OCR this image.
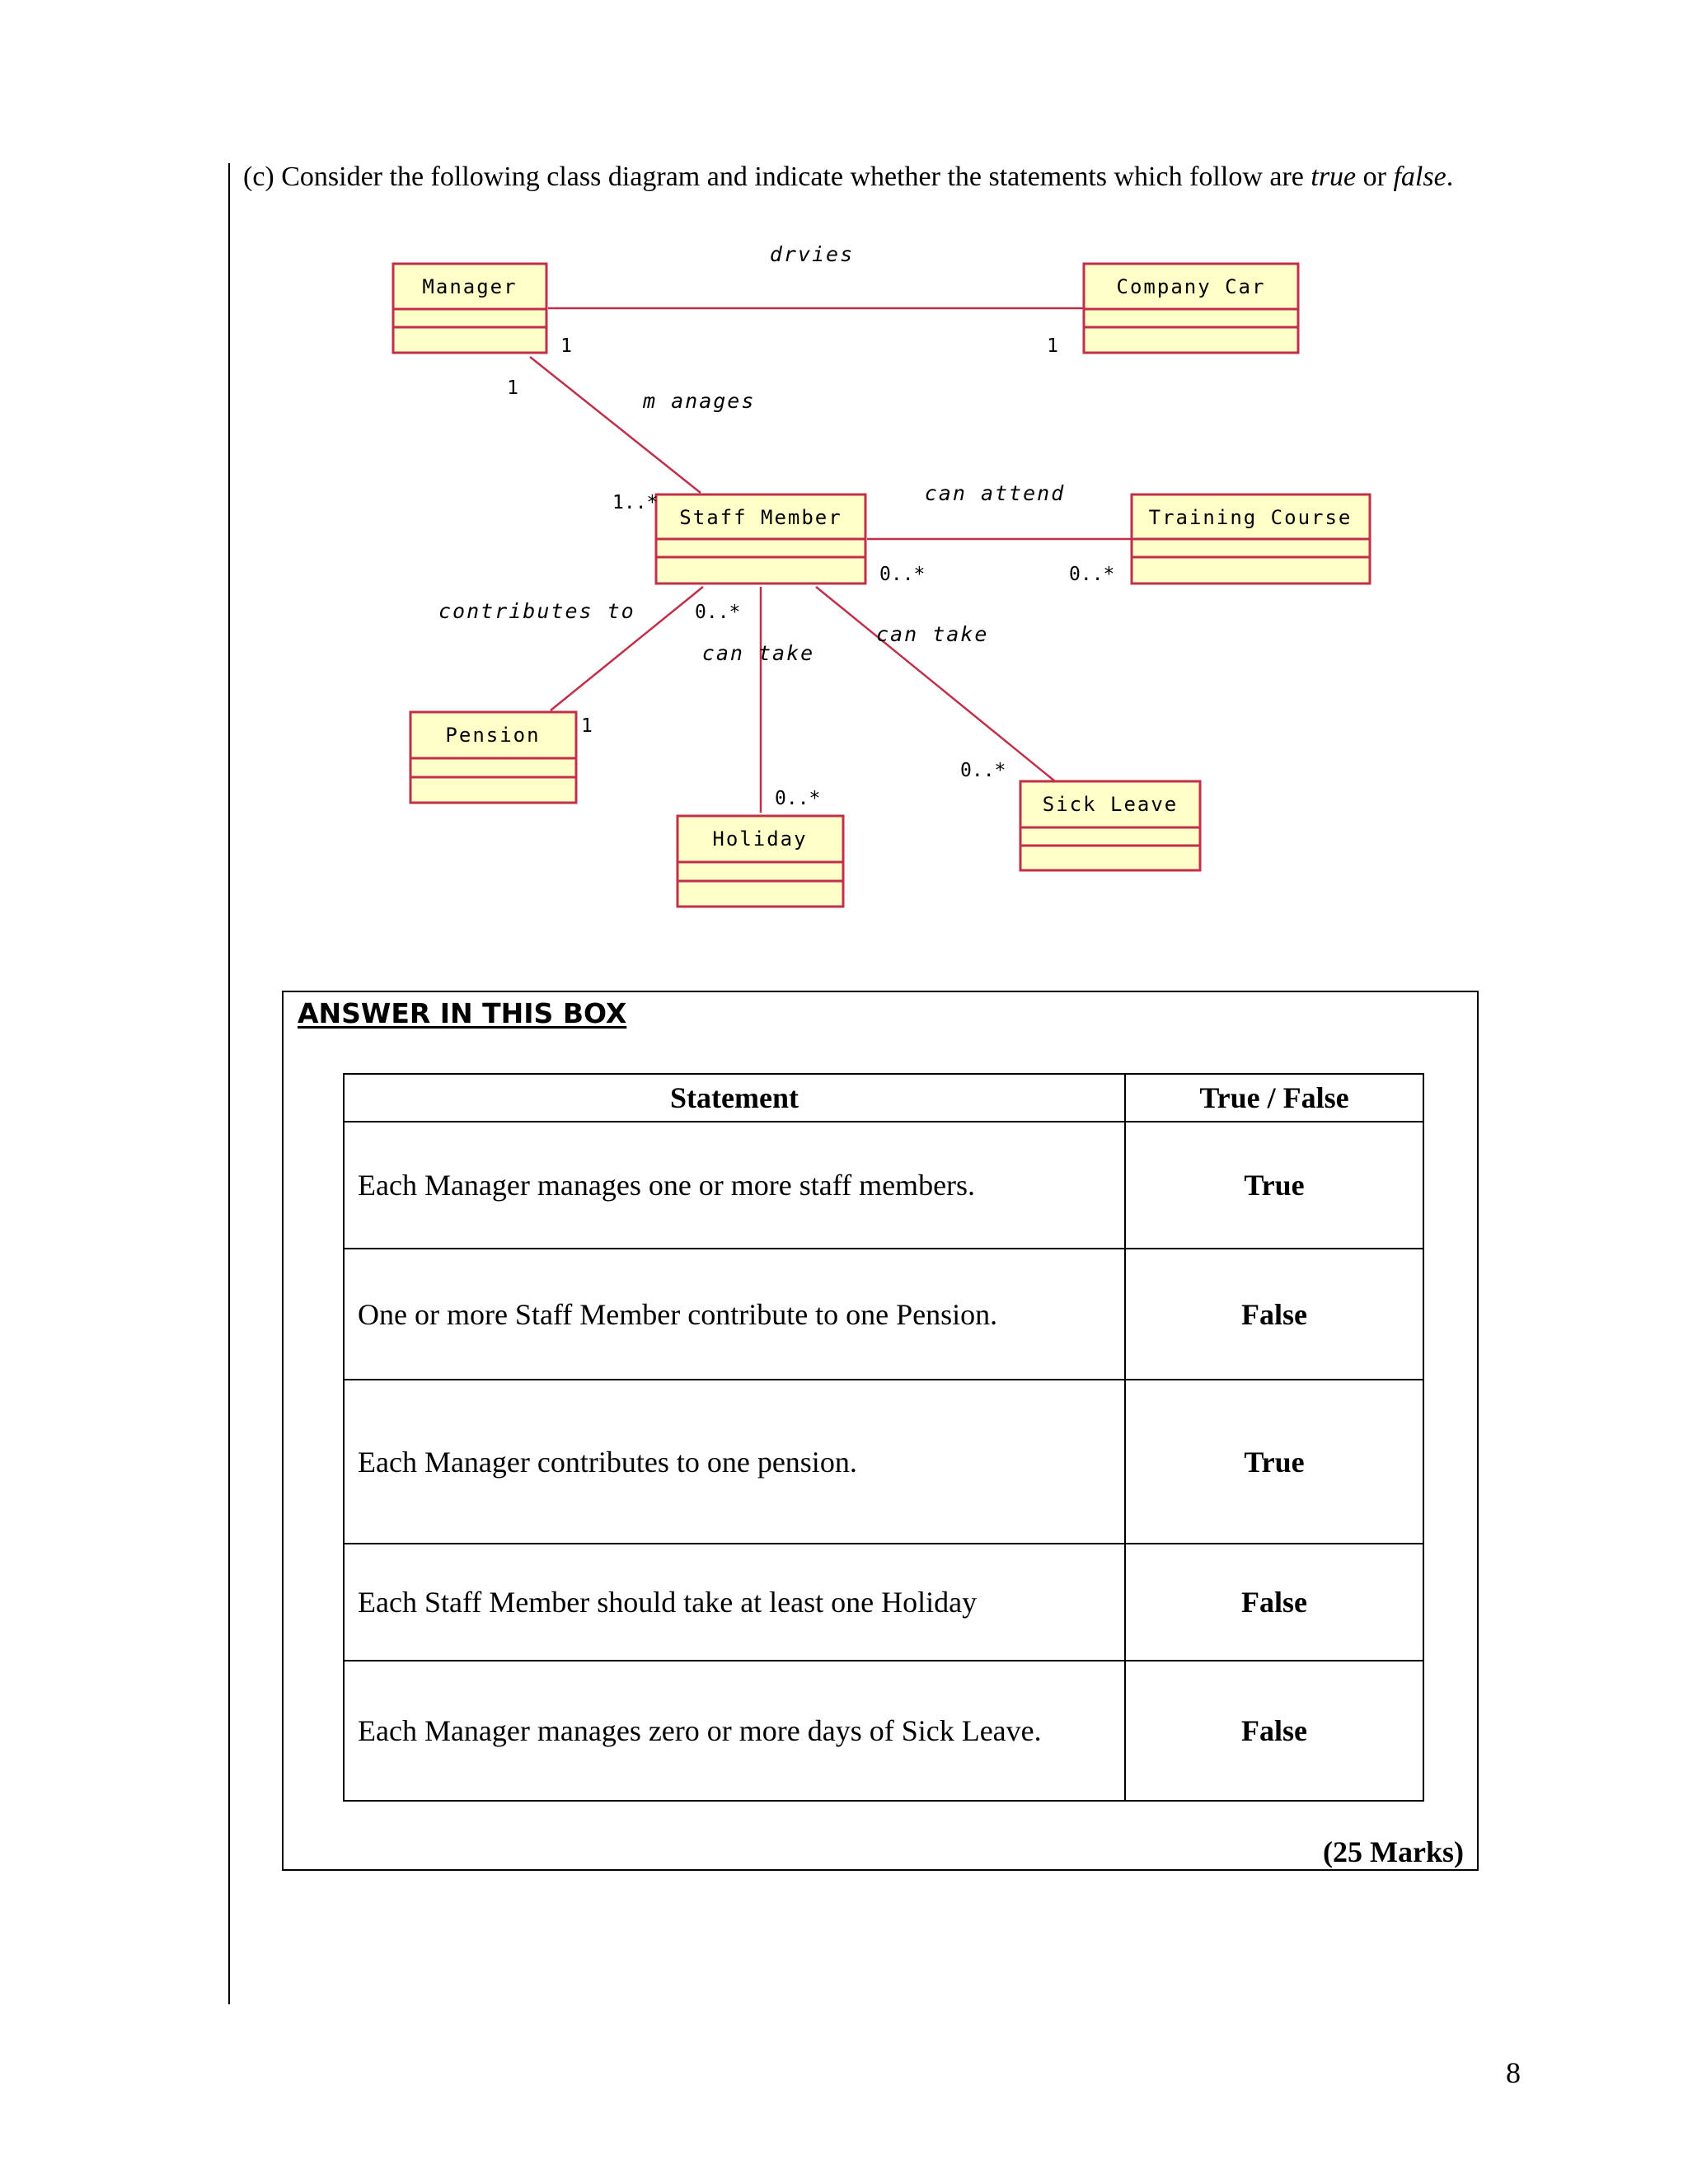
(c) Consider the following class diagram and indicate whether the statements which follow are true or false.
Manager	Company Car
Staff Member	Training Course
Pension
Holiday
Sick Leave
drvies
m anages
can attend
contributes to
can take
can take
1	1
1
1..*
0..*	0..*
0..*
1
0..*
0..*
ANSWER IN THIS BOX
Statement	True / False
Each Manager manages one or more staff members.	True
One or more Staff Member contribute to one Pension.	False
Each Manager contributes to one pension.	True
Each Staff Member should take at least one Holiday	False
Each Manager manages zero or more days of Sick Leave.	False
(25 Marks)
8
